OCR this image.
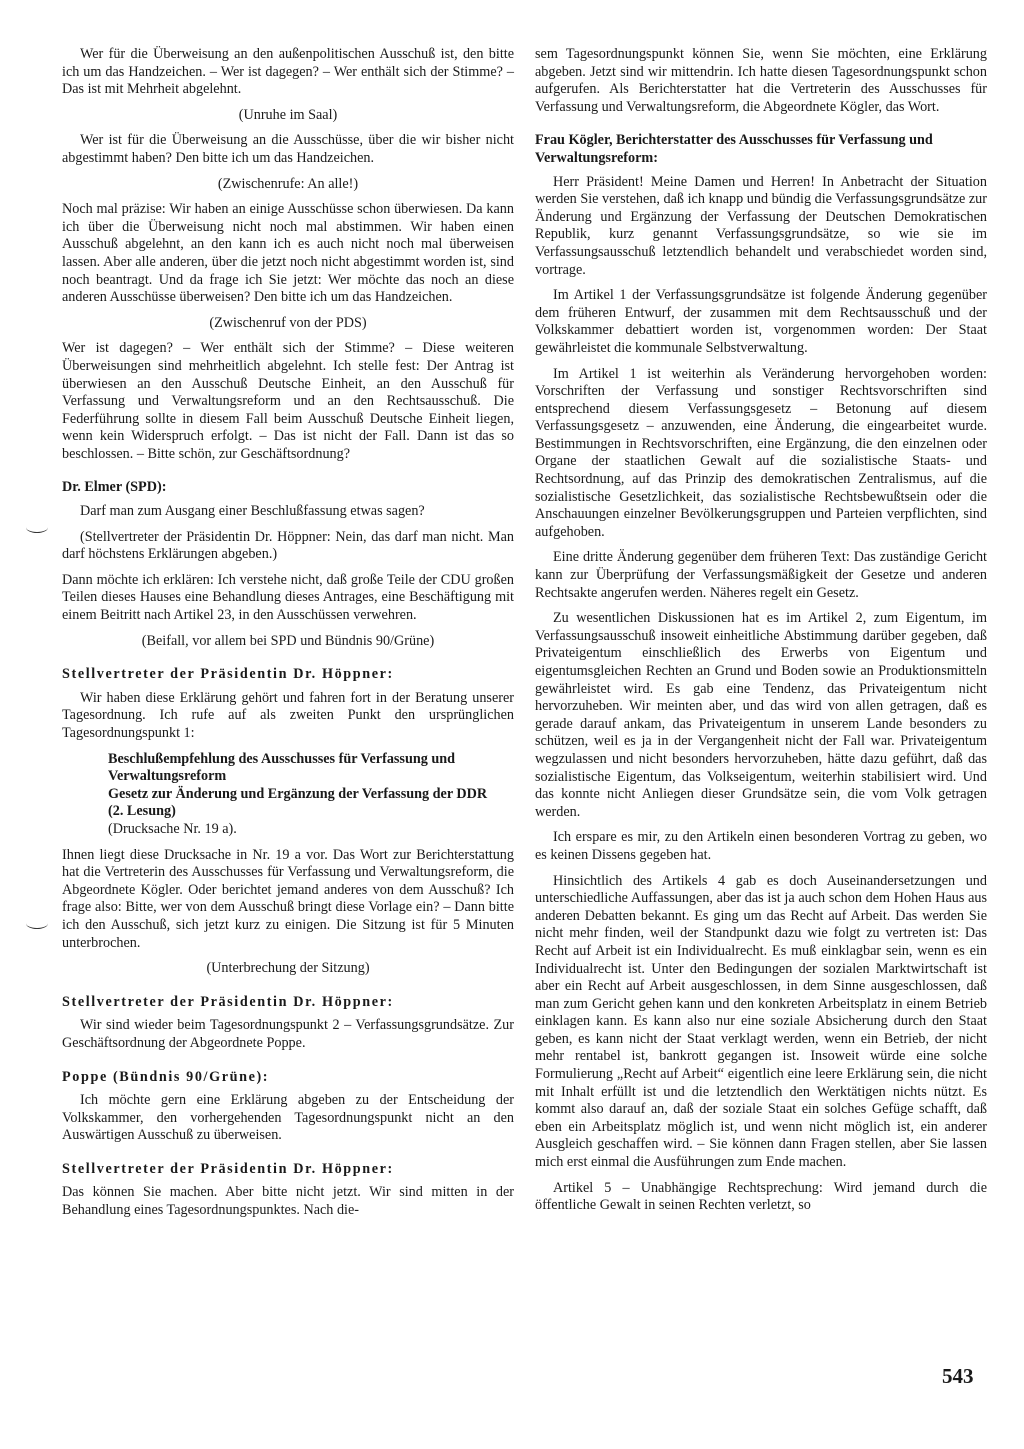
Wer für die Überweisung an den außenpolitischen Ausschuß ist, den bitte ich um das Handzeichen. – Wer ist dagegen? – Wer enthält sich der Stimme? – Das ist mit Mehrheit abgelehnt.

(Unruhe im Saal)

Wer ist für die Überweisung an die Ausschüsse, über die wir bisher nicht abgestimmt haben? Den bitte ich um das Handzeichen.

(Zwischenrufe: An alle!)

Noch mal präzise: Wir haben an einige Ausschüsse schon überwiesen. Da kann ich über die Überweisung nicht noch mal abstimmen. Wir haben einen Ausschuß abgelehnt, an den kann ich es auch nicht noch mal überweisen lassen. Aber alle anderen, über die jetzt noch nicht abgestimmt worden ist, sind noch beantragt. Und da frage ich Sie jetzt: Wer möchte das noch an diese anderen Ausschüsse überweisen? Den bitte ich um das Handzeichen.

(Zwischenruf von der PDS)

Wer ist dagegen? – Wer enthält sich der Stimme? – Diese weiteren Überweisungen sind mehrheitlich abgelehnt. Ich stelle fest: Der Antrag ist überwiesen an den Ausschuß Deutsche Einheit, an den Ausschuß für Verfassung und Verwaltungsreform und an den Rechtsausschuß. Die Federführung sollte in diesem Fall beim Ausschuß Deutsche Einheit liegen, wenn kein Widerspruch erfolgt. – Das ist nicht der Fall. Dann ist das so beschlossen. – Bitte schön, zur Geschäftsordnung?

Dr. Elmer (SPD):

Darf man zum Ausgang einer Beschlußfassung etwas sagen?

(Stellvertreter der Präsidentin Dr. Höppner: Nein, das darf man nicht. Man darf höchstens Erklärungen abgeben.)

Dann möchte ich erklären: Ich verstehe nicht, daß große Teile der CDU großen Teilen dieses Hauses eine Behandlung dieses Antrages, eine Beschäftigung mit einem Beitritt nach Artikel 23, in den Ausschüssen verwehren.

(Beifall, vor allem bei SPD und Bündnis 90/Grüne)

Stellvertreter der Präsidentin Dr. Höppner:

Wir haben diese Erklärung gehört und fahren fort in der Beratung unserer Tagesordnung. Ich rufe auf als zweiten Punkt den ursprünglichen Tagesordnungspunkt 1:

Beschlußempfehlung des Ausschusses für Verfassung und Verwaltungsreform
Gesetz zur Änderung und Ergänzung der Verfassung der DDR
(2. Lesung)
(Drucksache Nr. 19 a).

Ihnen liegt diese Drucksache in Nr. 19 a vor. Das Wort zur Berichterstattung hat die Vertreterin des Ausschusses für Verfassung und Verwaltungsreform, die Abgeordnete Kögler. Oder berichtet jemand anderes von dem Ausschuß? Ich frage also: Bitte, wer von dem Ausschuß bringt diese Vorlage ein? – Dann bitte ich den Ausschuß, sich jetzt kurz zu einigen. Die Sitzung ist für 5 Minuten unterbrochen.

(Unterbrechung der Sitzung)

Stellvertreter der Präsidentin Dr. Höppner:

Wir sind wieder beim Tagesordnungspunkt 2 – Verfassungsgrundsätze. Zur Geschäftsordnung der Abgeordnete Poppe.

Poppe (Bündnis 90/Grüne):

Ich möchte gern eine Erklärung abgeben zu der Entscheidung der Volkskammer, den vorhergehenden Tagesordnungspunkt nicht an den Auswärtigen Ausschuß zu überweisen.

Stellvertreter der Präsidentin Dr. Höppner:

Das können Sie machen. Aber bitte nicht jetzt. Wir sind mitten in der Behandlung eines Tagesordnungspunktes. Nach die-

sem Tagesordnungspunkt können Sie, wenn Sie möchten, eine Erklärung abgeben. Jetzt sind wir mittendrin. Ich hatte diesen Tagesordnungspunkt schon aufgerufen. Als Berichterstatter hat die Vertreterin des Ausschusses für Verfassung und Verwaltungsreform, die Abgeordnete Kögler, das Wort.

Frau Kögler, Berichterstatter des Ausschusses für Verfassung und Verwaltungsreform:

Herr Präsident! Meine Damen und Herren! In Anbetracht der Situation werden Sie verstehen, daß ich knapp und bündig die Verfassungsgrundsätze zur Änderung und Ergänzung der Verfassung der Deutschen Demokratischen Republik, kurz genannt Verfassungsgrundsätze, so wie sie im Verfassungsausschuß letztendlich behandelt und verabschiedet worden sind, vortrage.

Im Artikel 1 der Verfassungsgrundsätze ist folgende Änderung gegenüber dem früheren Entwurf, der zusammen mit dem Rechtsausschuß und der Volkskammer debattiert worden ist, vorgenommen worden: Der Staat gewährleistet die kommunale Selbstverwaltung.

Im Artikel 1 ist weiterhin als Veränderung hervorgehoben worden: Vorschriften der Verfassung und sonstiger Rechtsvorschriften sind entsprechend diesem Verfassungsgesetz – Betonung auf diesem Verfassungsgesetz – anzuwenden, eine Änderung, die eingearbeitet wurde. Bestimmungen in Rechtsvorschriften, eine Ergänzung, die den einzelnen oder Organe der staatlichen Gewalt auf die sozialistische Staats- und Rechtsordnung, auf das Prinzip des demokratischen Zentralismus, auf die sozialistische Gesetzlichkeit, das sozialistische Rechtsbewußtsein oder die Anschauungen einzelner Bevölkerungsgruppen und Parteien verpflichten, sind aufgehoben.

Eine dritte Änderung gegenüber dem früheren Text: Das zuständige Gericht kann zur Überprüfung der Verfassungsmäßigkeit der Gesetze und anderen Rechtsakte angerufen werden. Näheres regelt ein Gesetz.

Zu wesentlichen Diskussionen hat es im Artikel 2, zum Eigentum, im Verfassungsausschuß insoweit einheitliche Abstimmung darüber gegeben, daß Privateigentum einschließlich des Erwerbs von Eigentum und eigentumsgleichen Rechten an Grund und Boden sowie an Produktionsmitteln gewährleistet wird. Es gab eine Tendenz, das Privateigentum nicht hervorzuheben. Wir meinten aber, und das wird von allen getragen, daß es gerade darauf ankam, das Privateigentum in unserem Lande besonders zu schützen, weil es ja in der Vergangenheit nicht der Fall war. Privateigentum wegzulassen und nicht besonders hervorzuheben, hätte dazu geführt, daß das sozialistische Eigentum, das Volkseigentum, weiterhin stabilisiert wird. Und das konnte nicht Anliegen dieser Grundsätze sein, die vom Volk getragen werden.

Ich erspare es mir, zu den Artikeln einen besonderen Vortrag zu geben, wo es keinen Dissens gegeben hat.

Hinsichtlich des Artikels 4 gab es doch Auseinandersetzungen und unterschiedliche Auffassungen, aber das ist ja auch schon dem Hohen Haus aus anderen Debatten bekannt. Es ging um das Recht auf Arbeit. Das werden Sie nicht mehr finden, weil der Standpunkt dazu wie folgt zu vertreten ist: Das Recht auf Arbeit ist ein Individualrecht. Es muß einklagbar sein, wenn es ein Individualrecht ist. Unter den Bedingungen der sozialen Marktwirtschaft ist aber ein Recht auf Arbeit ausgeschlossen, in dem Sinne ausgeschlossen, daß man zum Gericht gehen kann und den konkreten Arbeitsplatz in einem Betrieb einklagen kann. Es kann also nur eine soziale Absicherung durch den Staat geben, es kann nicht der Staat verklagt werden, wenn ein Betrieb, der nicht mehr rentabel ist, bankrott gegangen ist. Insoweit würde eine solche Formulierung „Recht auf Arbeit“ eigentlich eine leere Erklärung sein, die nicht mit Inhalt erfüllt ist und die letztendlich den Werktätigen nichts nützt. Es kommt also darauf an, daß der soziale Staat ein solches Gefüge schafft, daß eben ein Arbeitsplatz möglich ist, und wenn nicht möglich ist, ein anderer Ausgleich geschaffen wird. – Sie können dann Fragen stellen, aber Sie lassen mich erst einmal die Ausführungen zum Ende machen.

Artikel 5 – Unabhängige Rechtsprechung: Wird jemand durch die öffentliche Gewalt in seinen Rechten verletzt, so

543
